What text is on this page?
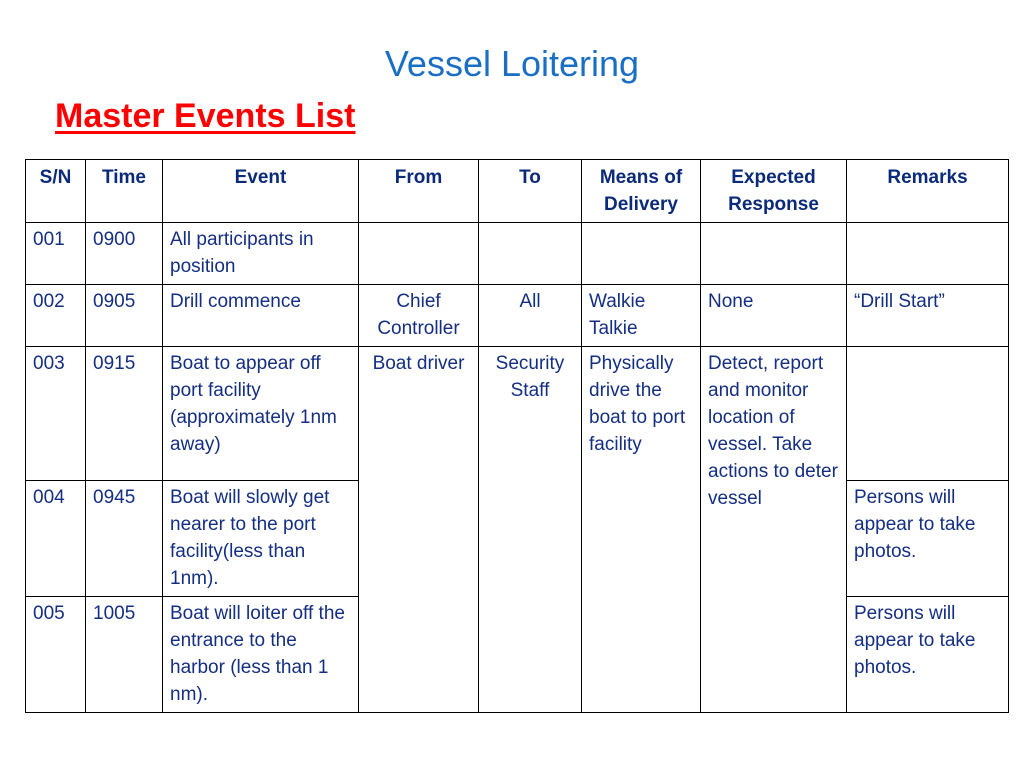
Vessel Loitering
Master Events List
S/N	Time	Event	From	To	Means of Delivery	Expected Response	Remarks
001	0900	All participants in position					
002	0905	Drill commence	Chief Controller	All	Walkie Talkie	None	“Drill Start”
003	0915	Boat to appear off port facility (approximately 1nm away)	Boat driver	Security Staff	Physically drive the boat to port facility	Detect, report and monitor location of vessel. Take actions to deter vessel	
004	0945	Boat will slowly get nearer to the port facility(less than 1nm).					Persons will appear to take photos.
005	1005	Boat will loiter off the entrance to the harbor (less than 1 nm).					Persons will appear to take photos.
